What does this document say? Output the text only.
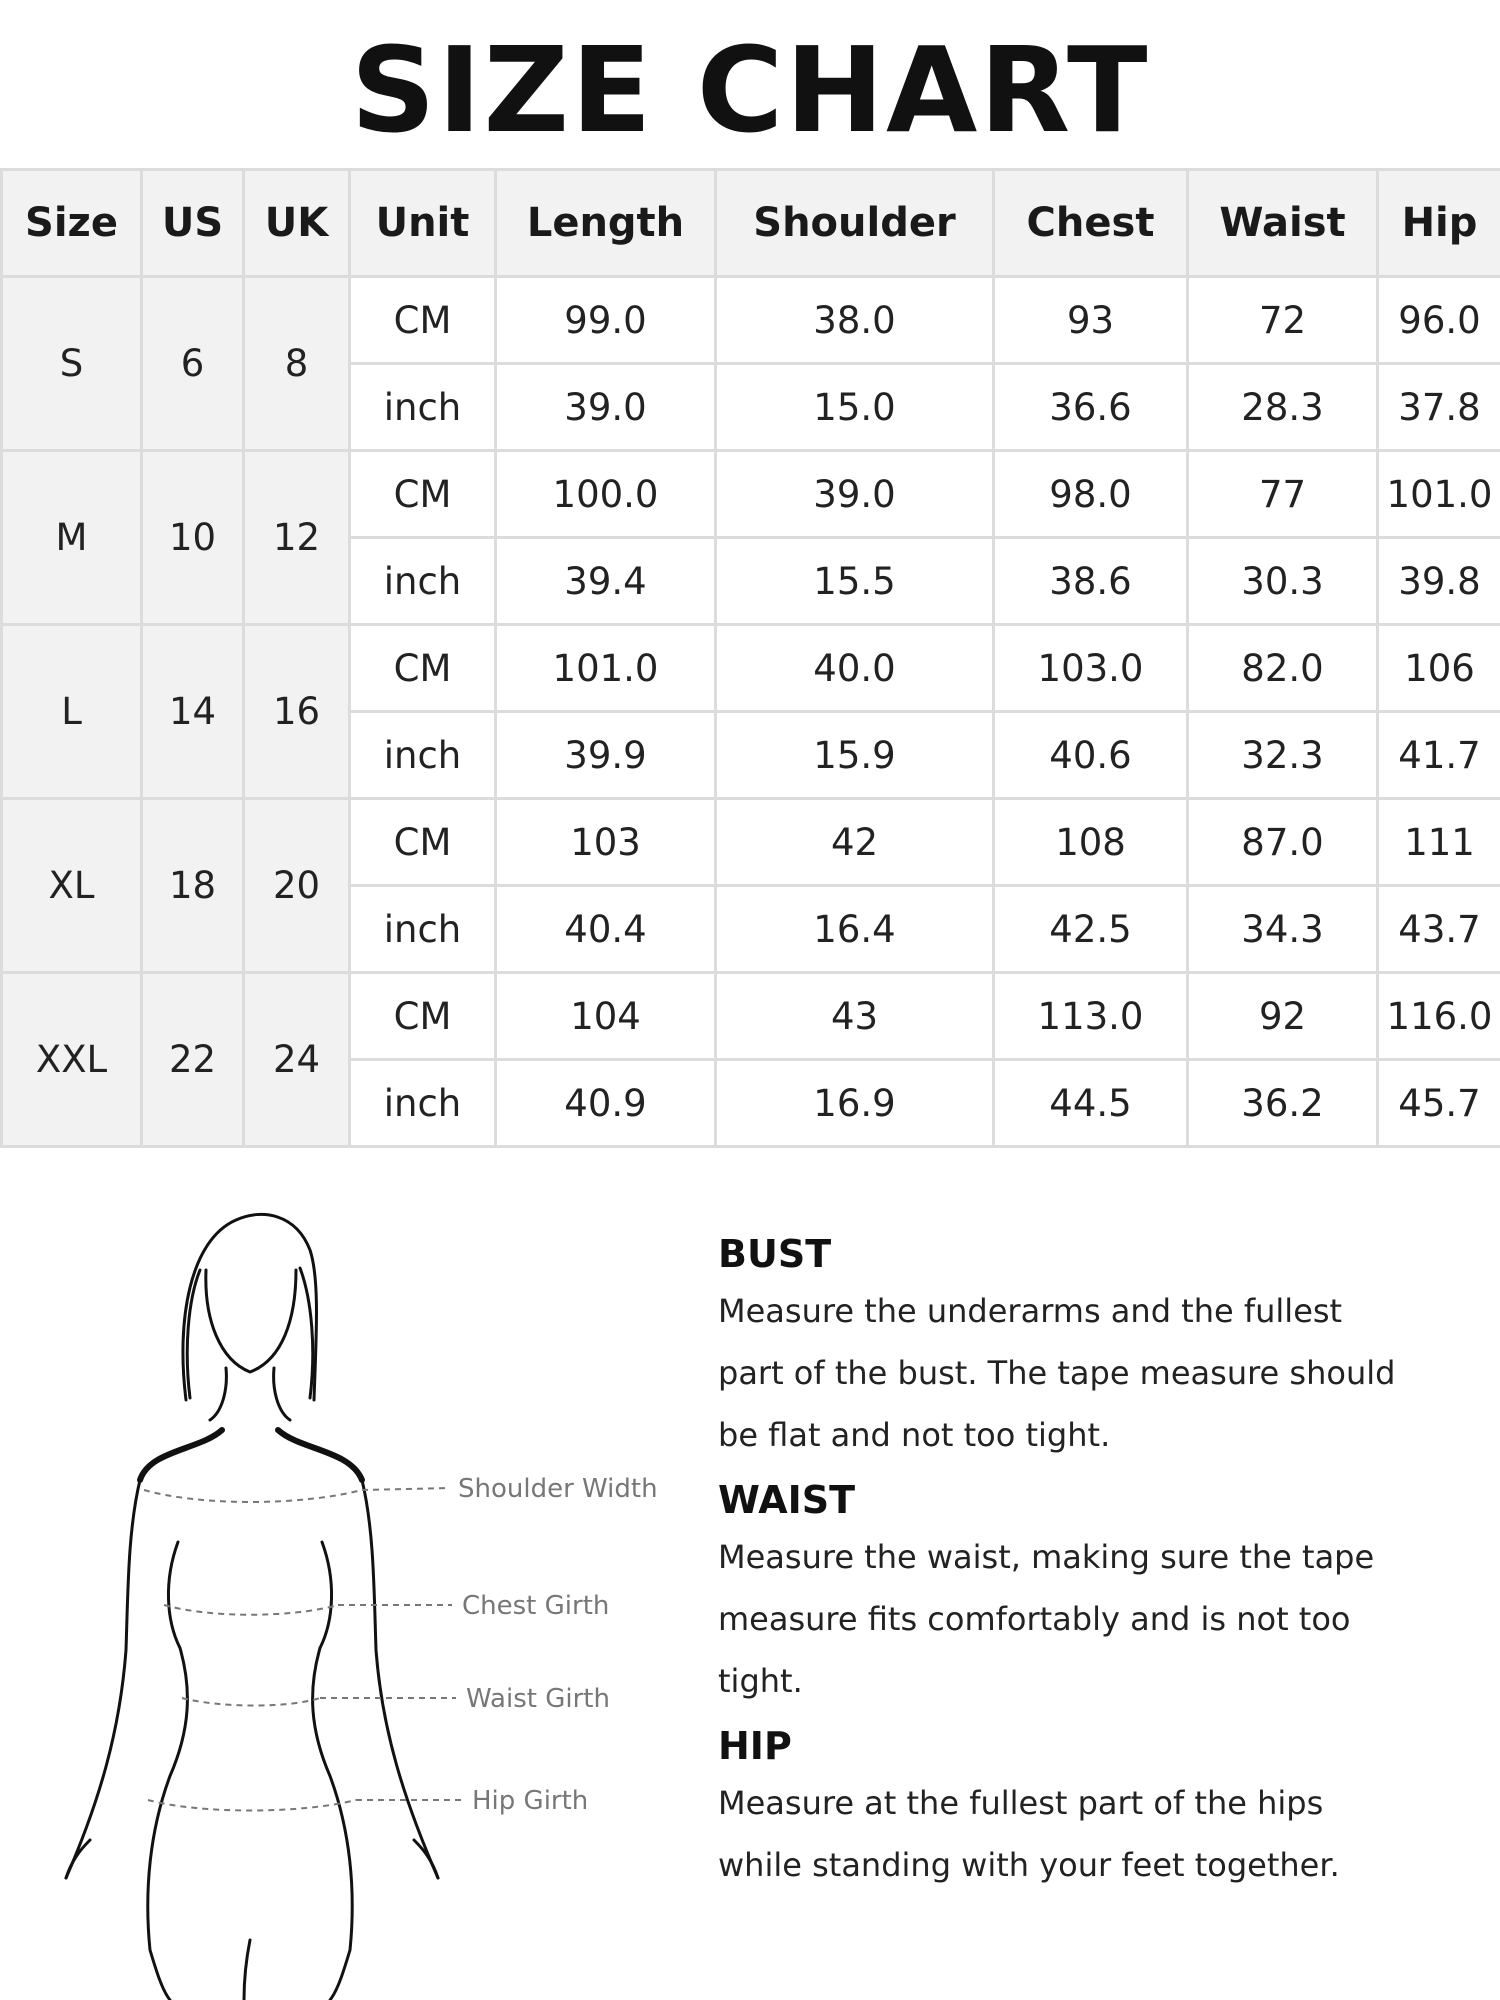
SIZE CHART
Size	US	UK	Unit	Length	Shoulder	Chest	Waist	Hip
S	6	8	CM	99.0	38.0	93	72	96.0
			inch	39.0	15.0	36.6	28.3	37.8
M	10	12	CM	100.0	39.0	98.0	77	101.0
			inch	39.4	15.5	38.6	30.3	39.8
L	14	16	CM	101.0	40.0	103.0	82.0	106
			inch	39.9	15.9	40.6	32.3	41.7
XL	18	20	CM	103	42	108	87.0	111
			inch	40.4	16.4	42.5	34.3	43.7
XXL	22	24	CM	104	43	113.0	92	116.0
			inch	40.9	16.9	44.5	36.2	45.7
Shoulder Width
Chest Girth
Waist Girth
Hip Girth
BUST

Measure the underarms and the fullest
part of the bust. The tape measure should
be flat and not too tight.

WAIST

Measure the waist, making sure the tape
measure fits comfortably and is not too
tight.

HIP

Measure at the fullest part of the hips
while standing with your feet together.
